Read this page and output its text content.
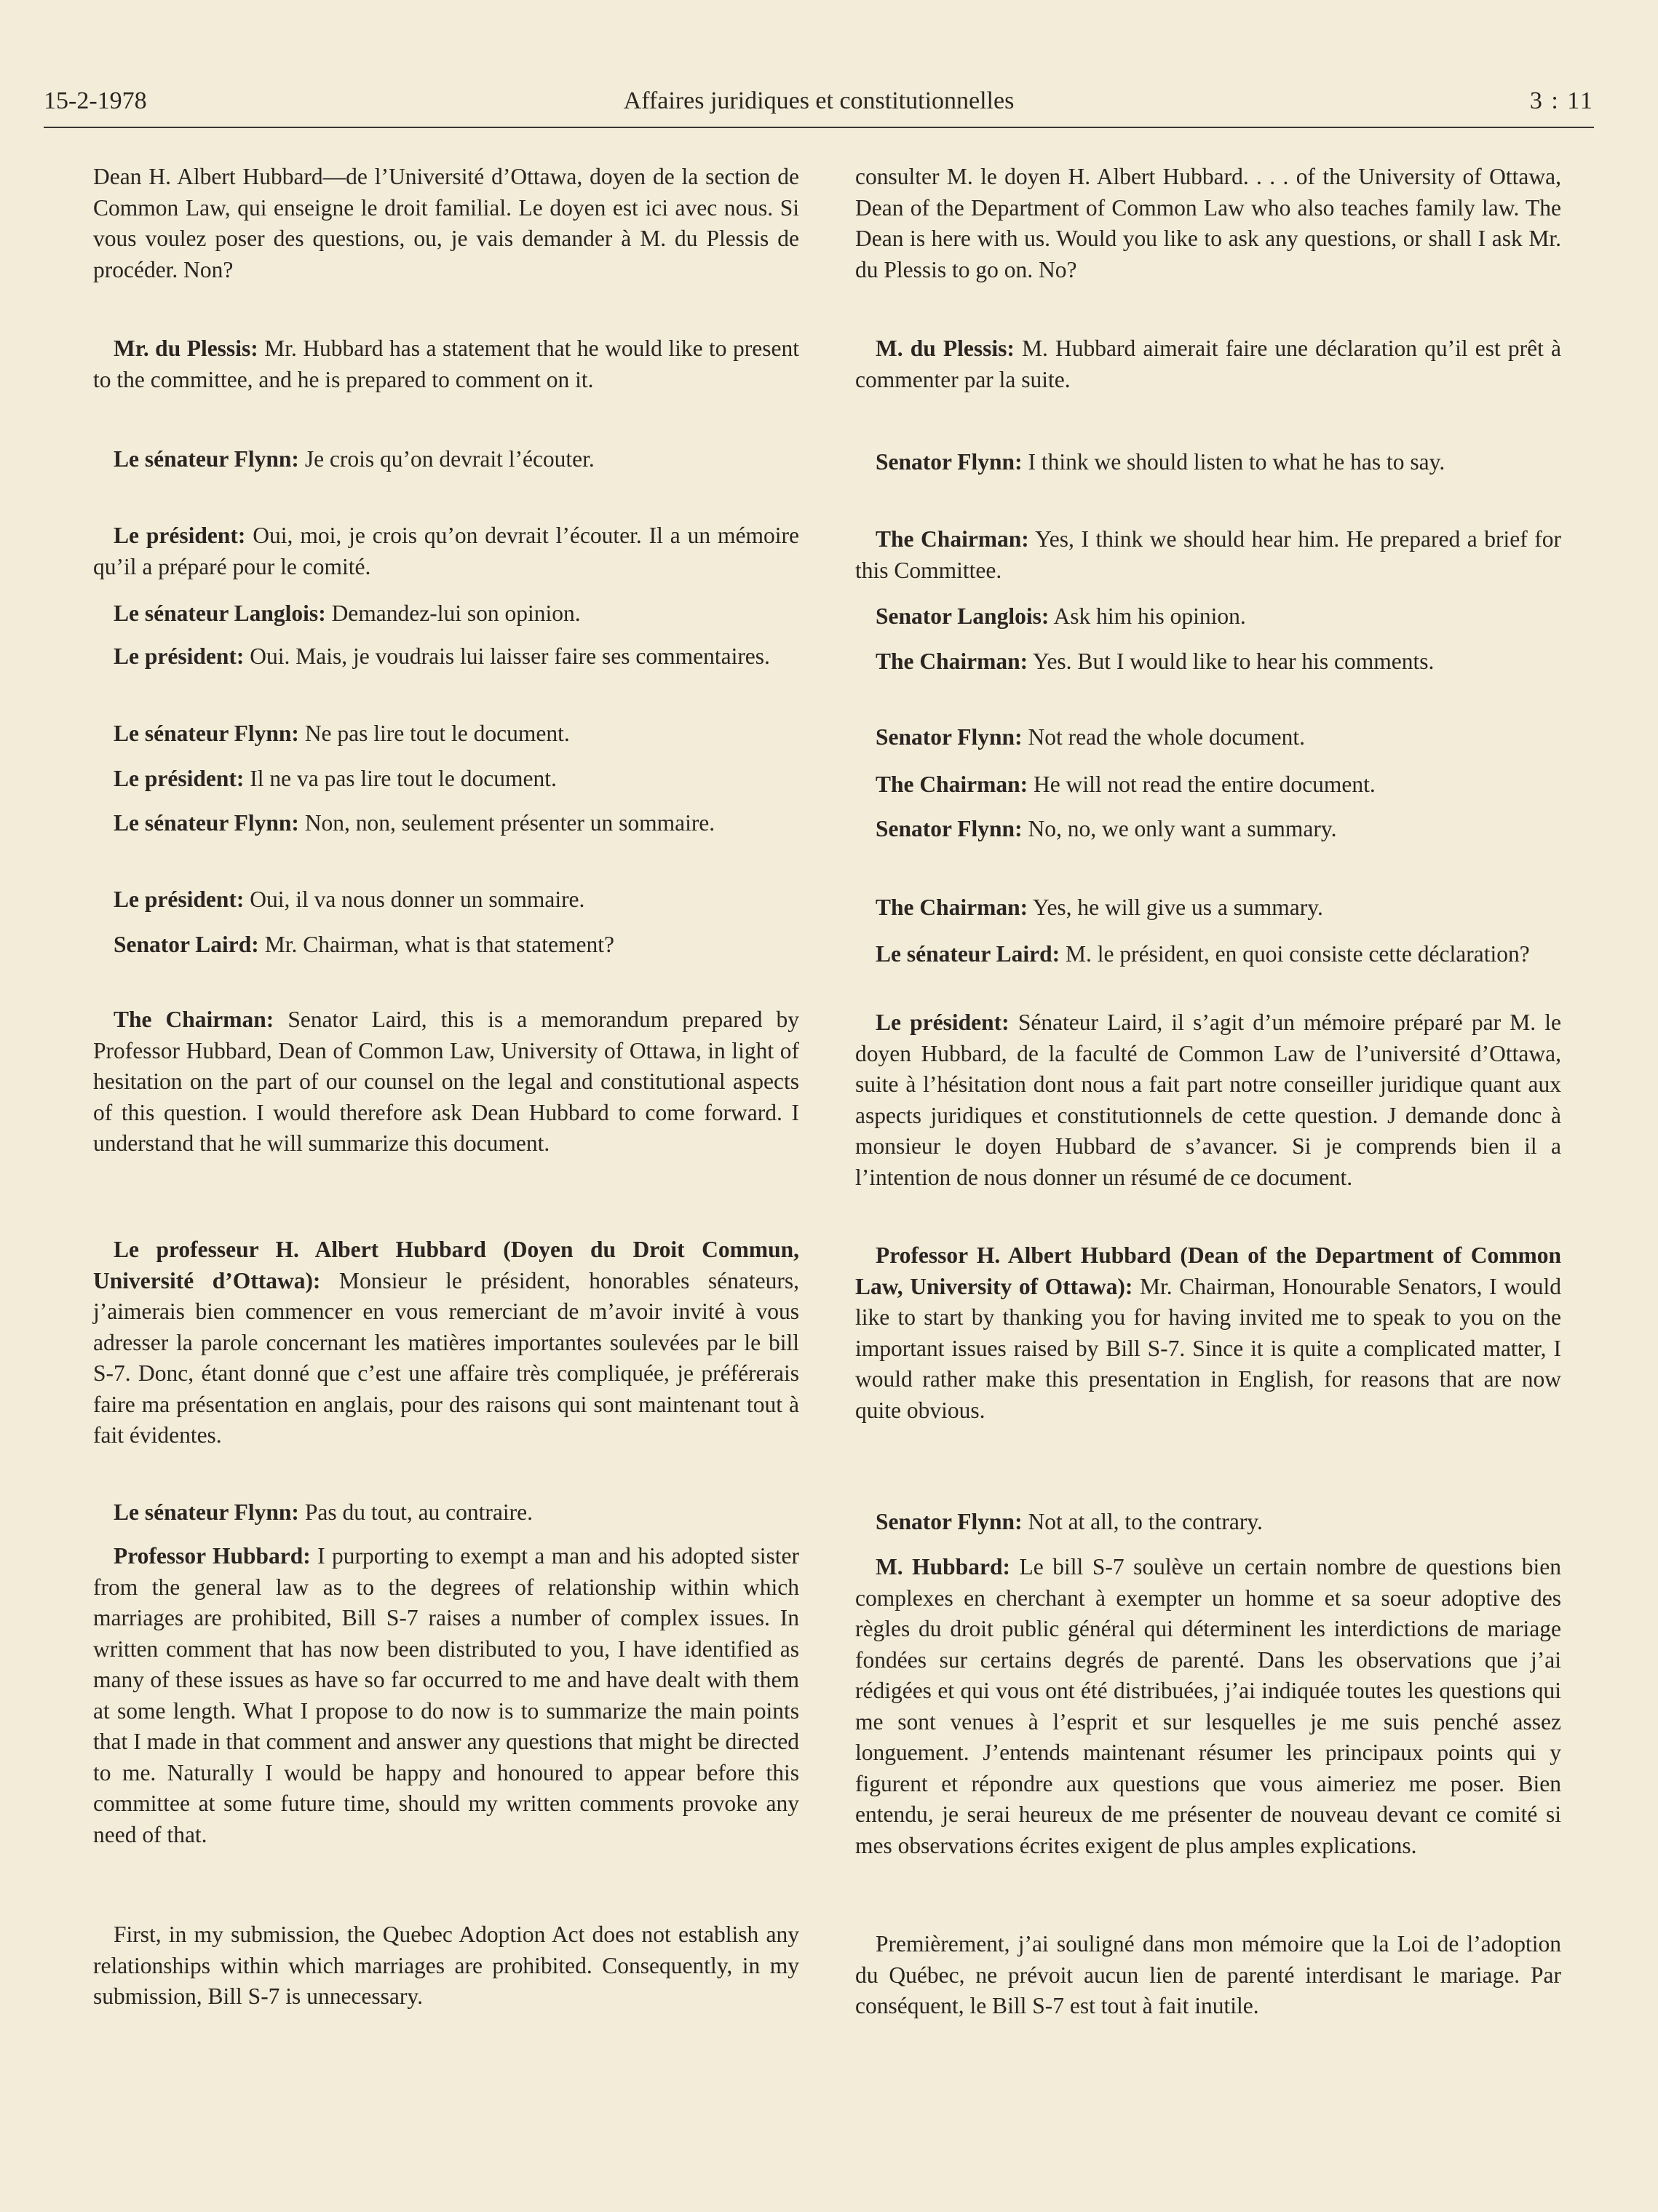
15-2-1978	Affaires juridiques et constitutionnelles	3 : 11

Dean H. Albert Hubbard—de l’Université d’Ottawa, doyen de la section de Common Law, qui enseigne le droit familial. Le doyen est ici avec nous. Si vous voulez poser des questions, ou, je vais demander à M. du Plessis de procéder. Non?

Mr. du Plessis: Mr. Hubbard has a statement that he would like to present to the committee, and he is prepared to comment on it.

Le sénateur Flynn: Je crois qu’on devrait l’écouter.

Le président: Oui, moi, je crois qu’on devrait l’écouter. Il a un mémoire qu’il a préparé pour le comité.

Le sénateur Langlois: Demandez-lui son opinion.

Le président: Oui. Mais, je voudrais lui laisser faire ses commentaires.

Le sénateur Flynn: Ne pas lire tout le document.

Le président: Il ne va pas lire tout le document.

Le sénateur Flynn: Non, non, seulement présenter un sommaire.

Le président: Oui, il va nous donner un sommaire.

Senator Laird: Mr. Chairman, what is that statement?

The Chairman: Senator Laird, this is a memorandum prepared by Professor Hubbard, Dean of Common Law, University of Ottawa, in light of hesitation on the part of our counsel on the legal and constitutional aspects of this question. I would therefore ask Dean Hubbard to come forward. I understand that he will summarize this document.

Le professeur H. Albert Hubbard (Doyen du Droit Commun, Université d’Ottawa): Monsieur le président, honorables sénateurs, j’aimerais bien commencer en vous remerciant de m’avoir invité à vous adresser la parole concernant les matières importantes soulevées par le bill S-7. Donc, étant donné que c’est une affaire très compliquée, je préférerais faire ma présentation en anglais, pour des raisons qui sont maintenant tout à fait évidentes.

Le sénateur Flynn: Pas du tout, au contraire.

Professor Hubbard: I purporting to exempt a man and his adopted sister from the general law as to the degrees of relationship within which marriages are prohibited, Bill S-7 raises a number of complex issues. In written comment that has now been distributed to you, I have identified as many of these issues as have so far occurred to me and have dealt with them at some length. What I propose to do now is to summarize the main points that I made in that comment and answer any questions that might be directed to me. Naturally I would be happy and honoured to appear before this committee at some future time, should my written comments provoke any need of that.

First, in my submission, the Quebec Adoption Act does not establish any relationships within which marriages are prohibited. Consequently, in my submission, Bill S-7 is unnecessary.

consulter M. le doyen H. Albert Hubbard. . . . of the University of Ottawa, Dean of the Department of Common Law who also teaches family law. The Dean is here with us. Would you like to ask any questions, or shall I ask Mr. du Plessis to go on. No?

M. du Plessis: M. Hubbard aimerait faire une déclaration qu’il est prêt à commenter par la suite.

Senator Flynn: I think we should listen to what he has to say.

The Chairman: Yes, I think we should hear him. He prepared a brief for this Committee.

Senator Langlois: Ask him his opinion.

The Chairman: Yes. But I would like to hear his comments.

Senator Flynn: Not read the whole document.

The Chairman: He will not read the entire document.

Senator Flynn: No, no, we only want a summary.

The Chairman: Yes, he will give us a summary.

Le sénateur Laird: M. le président, en quoi consiste cette déclaration?

Le président: Sénateur Laird, il s’agit d’un mémoire préparé par M. le doyen Hubbard, de la faculté de Common Law de l’université d’Ottawa, suite à l’hésitation dont nous a fait part notre conseiller juridique quant aux aspects juridiques et constitutionnels de cette question. J demande donc à monsieur le doyen Hubbard de s’avancer. Si je comprends bien il a l’intention de nous donner un résumé de ce document.

Professor H. Albert Hubbard (Dean of the Department of Common Law, University of Ottawa): Mr. Chairman, Honourable Senators, I would like to start by thanking you for having invited me to speak to you on the important issues raised by Bill S-7. Since it is quite a complicated matter, I would rather make this presentation in English, for reasons that are now quite obvious.

Senator Flynn: Not at all, to the contrary.

M. Hubbard: Le bill S-7 soulève un certain nombre de questions bien complexes en cherchant à exempter un homme et sa soeur adoptive des règles du droit public général qui déterminent les interdictions de mariage fondées sur certains degrés de parenté. Dans les observations que j’ai rédigées et qui vous ont été distribuées, j’ai indiquée toutes les questions qui me sont venues à l’esprit et sur lesquelles je me suis penché assez longuement. J’entends maintenant résumer les principaux points qui y figurent et répondre aux questions que vous aimeriez me poser. Bien entendu, je serai heureux de me présenter de nouveau devant ce comité si mes observations écrites exigent de plus amples explications.

Premièrement, j’ai souligné dans mon mémoire que la Loi de l’adoption du Québec, ne prévoit aucun lien de parenté interdisant le mariage. Par conséquent, le Bill S-7 est tout à fait inutile.
